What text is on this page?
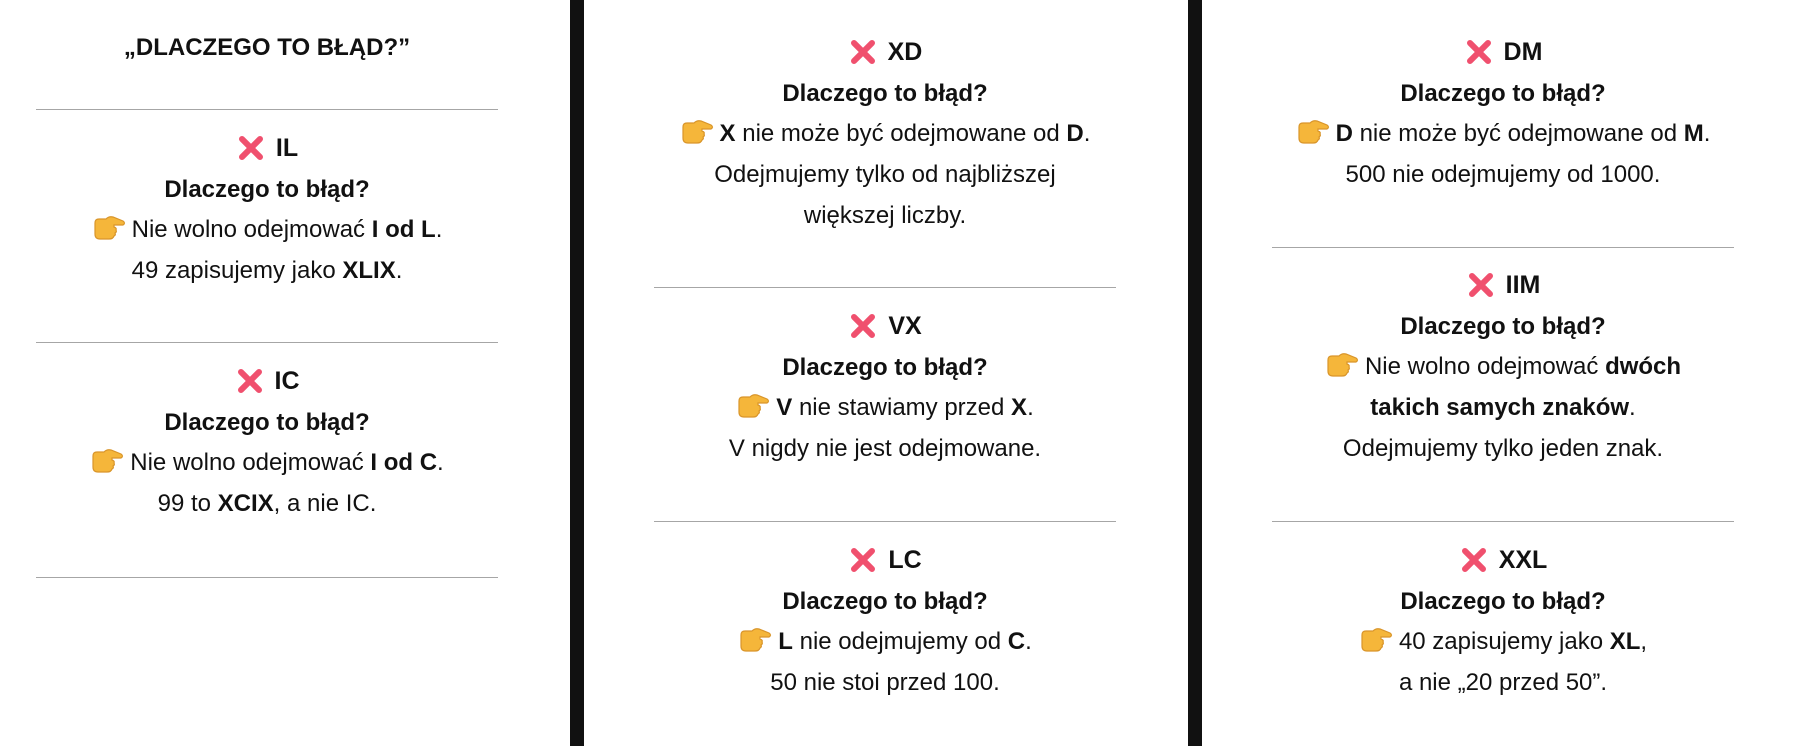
„DLACZEGO TO BŁĄD?”
IL
Dlaczego to błąd?
Nie wolno odejmować I od L.
49 zapisujemy jako XLIX.
IC
Dlaczego to błąd?
Nie wolno odejmować I od C.
99 to XCIX, a nie IC.
XD
Dlaczego to błąd?
X nie może być odejmowane od D.
Odejmujemy tylko od najbliższej
większej liczby.
VX
Dlaczego to błąd?
V nie stawiamy przed X.
V nigdy nie jest odejmowane.
LC
Dlaczego to błąd?
L nie odejmujemy od C.
50 nie stoi przed 100.
DM
Dlaczego to błąd?
D nie może być odejmowane od M.
500 nie odejmujemy od 1000.
IIM
Dlaczego to błąd?
Nie wolno odejmować dwóch
takich samych znaków.
Odejmujemy tylko jeden znak.
XXL
Dlaczego to błąd?
40 zapisujemy jako XL,
a nie „20 przed 50”.
